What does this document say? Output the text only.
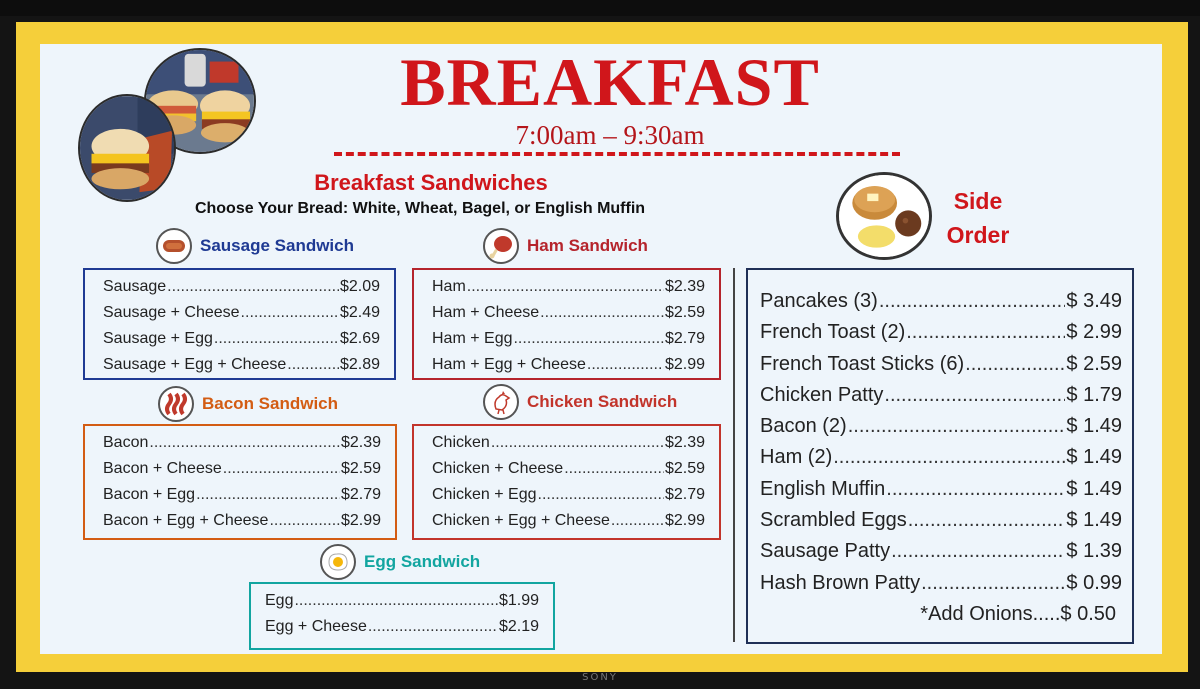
BREAKFAST
7:00am – 9:30am
Breakfast Sandwiches
Choose Your Bread: White, Wheat, Bagel, or English Muffin
Sausage Sandwich
Sausage .....	$2.09
Sausage + Cheese .....	$2.49
Sausage + Egg .....	$2.69
Sausage + Egg + Cheese .....	$2.89
Ham Sandwich
Ham .....	$2.39
Ham + Cheese .....	$2.59
Ham + Egg .....	$2.79
Ham + Egg + Cheese .....	$2.99
Bacon Sandwich
Bacon .....	$2.39
Bacon + Cheese .....	$2.59
Bacon + Egg .....	$2.79
Bacon + Egg + Cheese .....	$2.99
Chicken Sandwich
Chicken .....	$2.39
Chicken + Cheese .....	$2.59
Chicken + Egg .....	$2.79
Chicken + Egg + Cheese .....	$2.99
Egg Sandwich
Egg .....	$1.99
Egg + Cheese .....	$2.19
Side
Order
Pancakes (3) .....	$ 3.49
French Toast (2) .....	$ 2.99
French Toast Sticks (6) .....	$ 2.59
Chicken Patty .....	$ 1.79
Bacon (2) .....	$ 1.49
Ham (2) .....	$ 1.49
English Muffin .....	$ 1.49
Scrambled Eggs .....	$ 1.49
Sausage Patty .....	$ 1.39
Hash Brown Patty .....	$ 0.99
*Add Onions.....$ 0.50
SONY
